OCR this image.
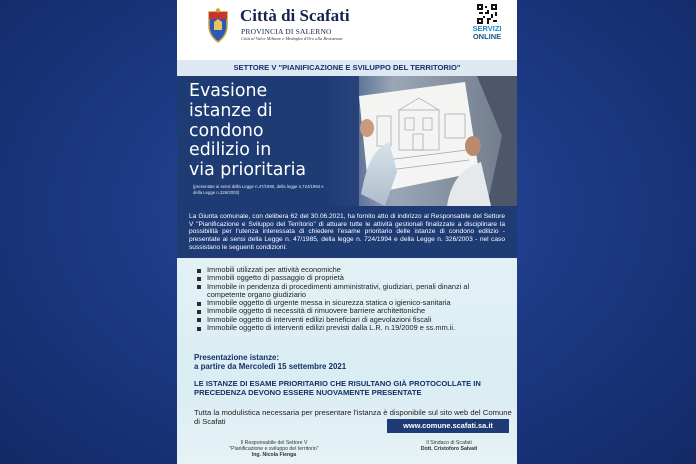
Città di Scafati
PROVINCIA DI SALERNO
Città al Valor Militare e Medaglia d'Oro alla Resistenza
SERVIZI
ONLINE
SETTORE V "PIANIFICAZIONE E SVILUPPO DEL TERRITORIO"
Evasione
istanze di
condono
edilizio in
via prioritaria
(presentate ai sensi della Legge n.47/1985, della legge n.724/1994 e della Legge n.326/2003)
La Giunta comunale, con delibera 62 del 30.06.2021, ha fornito atto di indirizzo al Responsabile del Settore V "Pianificazione e Sviluppo del Territorio" di attuare tutte le attività gestionali finalizzate a disciplinare la possibilità per l'utenza interessata di chiedere l'esame prioritario delle istanze di condono edilizio - presentate ai sensi della Legge n. 47/1985, della legge n. 724/1994 e della Legge n. 326/2003 - nel caso sussistano le seguenti condizioni:
Immobili utilizzati per attività economiche
Immobili oggetto di passaggio di proprietà
Immobile in pendenza di procedimenti amministrativi, giudiziari, penali dinanzi al competente organo giudiziario
Immobile oggetto di urgente messa in sicurezza statica o igienico-sanitaria
Immobile oggetto di necessità di rimuovere barriere architettoniche
Immobile oggetto di interventi edilizi beneficiari di agevolazioni fiscali
Immobile oggetto di interventi edilizi previsti dalla L.R. n.19/2009 e ss.mm.ii.
Presentazione istanze:
a partire da Mercoledì 15 settembre 2021
LE ISTANZE DI ESAME PRIORITARIO CHE RISULTANO GIÀ PROTOCOLLATE IN PRECEDENZA DEVONO ESSERE NUOVAMENTE PRESENTATE
Tutta la modulistica necessaria per presentare l'istanza è disponibile sul sito web del Comune di Scafati	www.comune.scafati.sa.it
Il Responsabile del Settore V
"Pianificazione e sviluppo del territorio"
Ing. Nicola Fienga
Il Sindaco di Scafati
Dott. Cristoforo Salvati
